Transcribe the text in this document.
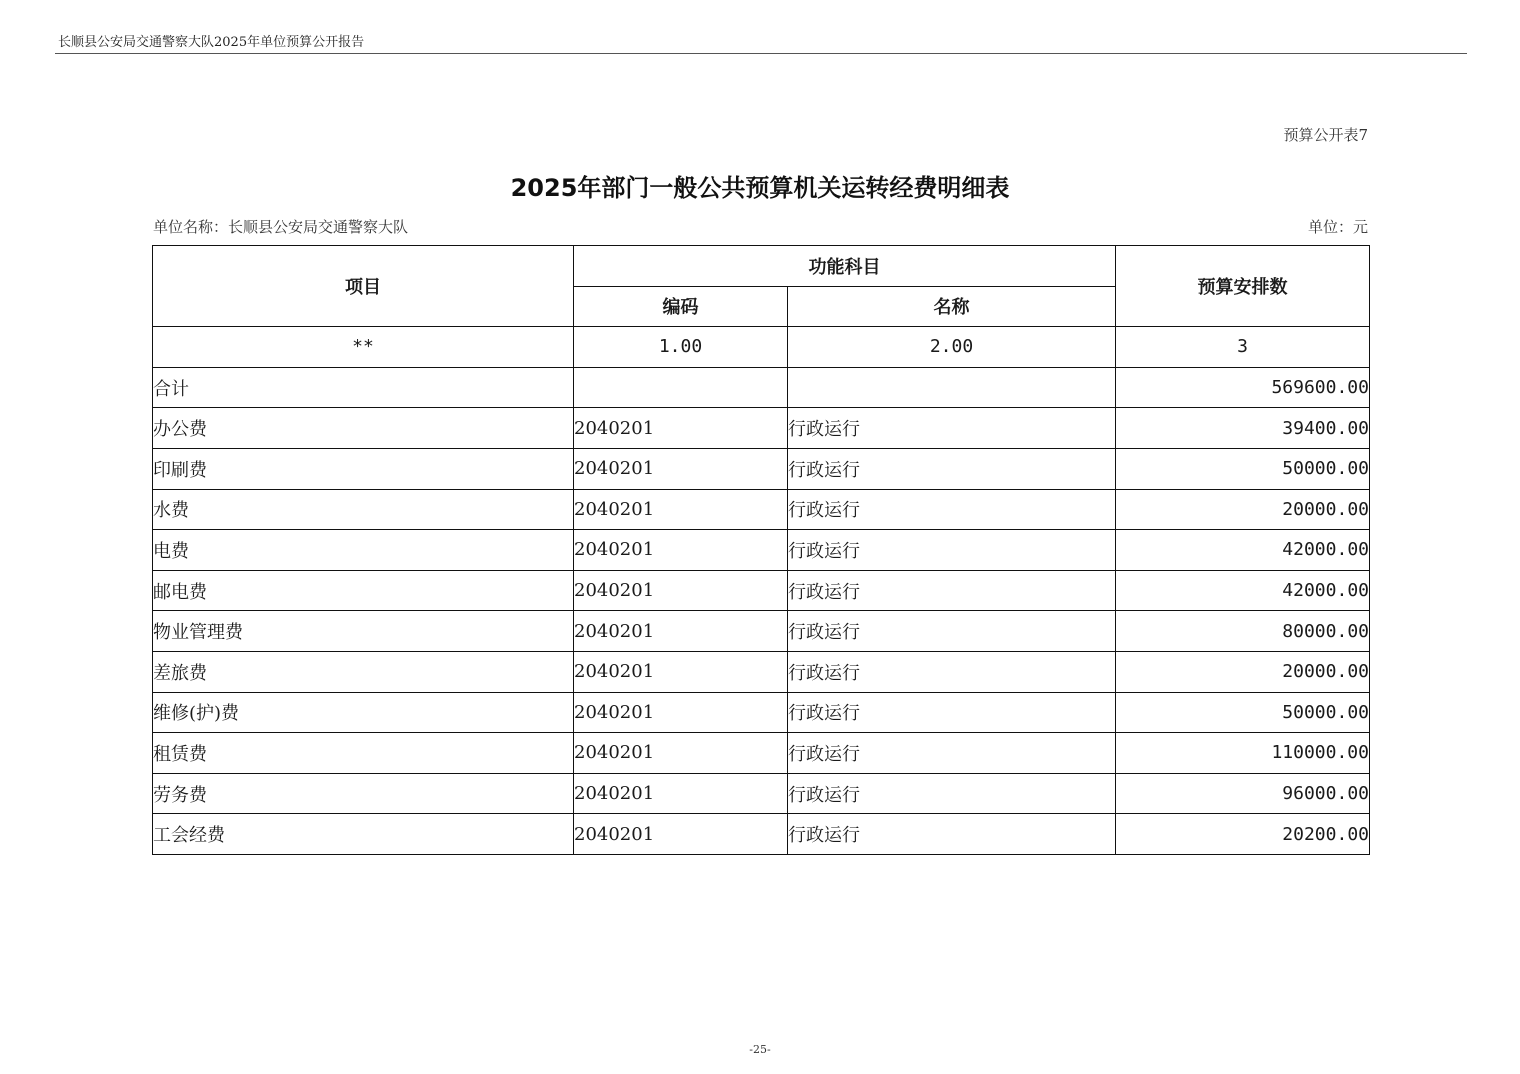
长顺县公安局交通警察大队2025年单位预算公开报告
预算公开表7
2025年部门一般公共预算机关运转经费明细表
单位名称：长顺县公安局交通警察大队	单位：元
项目	功能科目		预算安排数
	编码	名称	
**	1.00	2.00	3
合计			569600.00
办公费	2040201	行政运行	39400.00
印刷费	2040201	行政运行	50000.00
水费	2040201	行政运行	20000.00
电费	2040201	行政运行	42000.00
邮电费	2040201	行政运行	42000.00
物业管理费	2040201	行政运行	80000.00
差旅费	2040201	行政运行	20000.00
维修(护)费	2040201	行政运行	50000.00
租赁费	2040201	行政运行	110000.00
劳务费	2040201	行政运行	96000.00
工会经费	2040201	行政运行	20200.00
-25-
